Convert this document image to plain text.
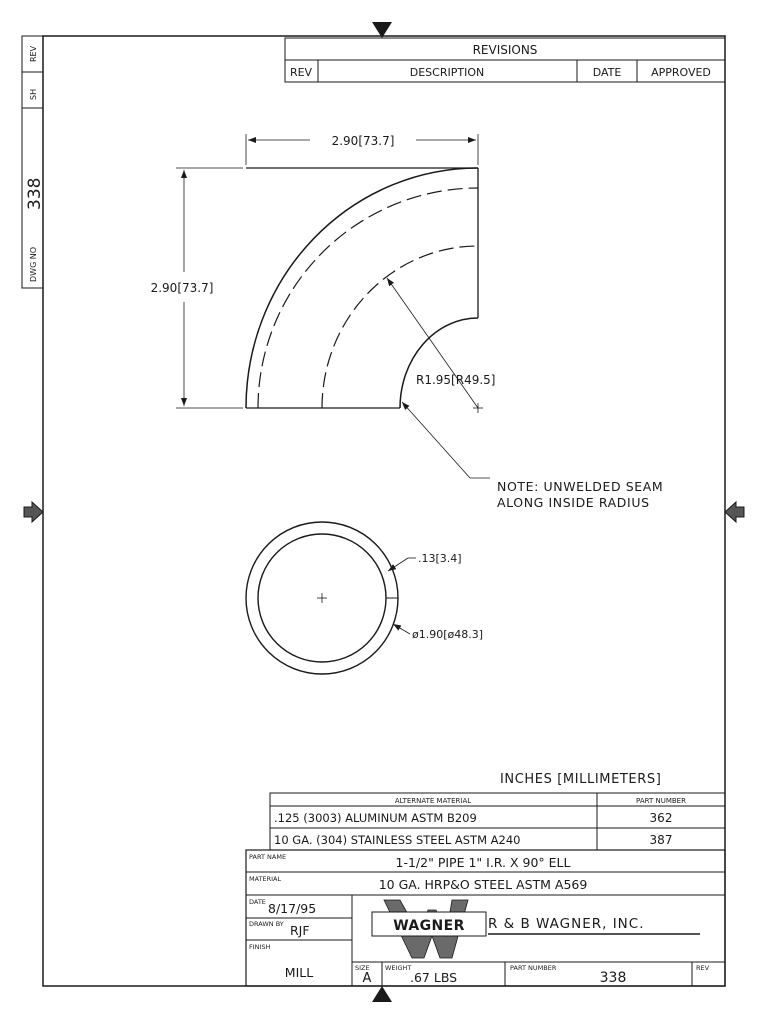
REV
SH
338
DWG NO
REVISIONS
REV	DESCRIPTION	DATE	APPROVED
2.90[73.7]
2.90[73.7]
R1.95[R49.5]
NOTE: UNWELDED SEAM
ALONG INSIDE RADIUS
.13[3.4]
ø1.90[ø48.3]
INCHES [MILLIMETERS]
ALTERNATE MATERIAL	PART NUMBER
.125 (3003) ALUMINUM ASTM B209	362
10 GA. (304) STAINLESS STEEL ASTM A240	387
PART NAME	1-1/2" PIPE 1" I.R. X 90° ELL
MATERIAL	10 GA. HRP&O STEEL ASTM A569
DATE 8/17/95
DRAWN BY RJF
FINISH
MILL
WAGNER R & B WAGNER, INC.
SIZE
A
WEIGHT
.67 LBS
PART NUMBER
338
REV
